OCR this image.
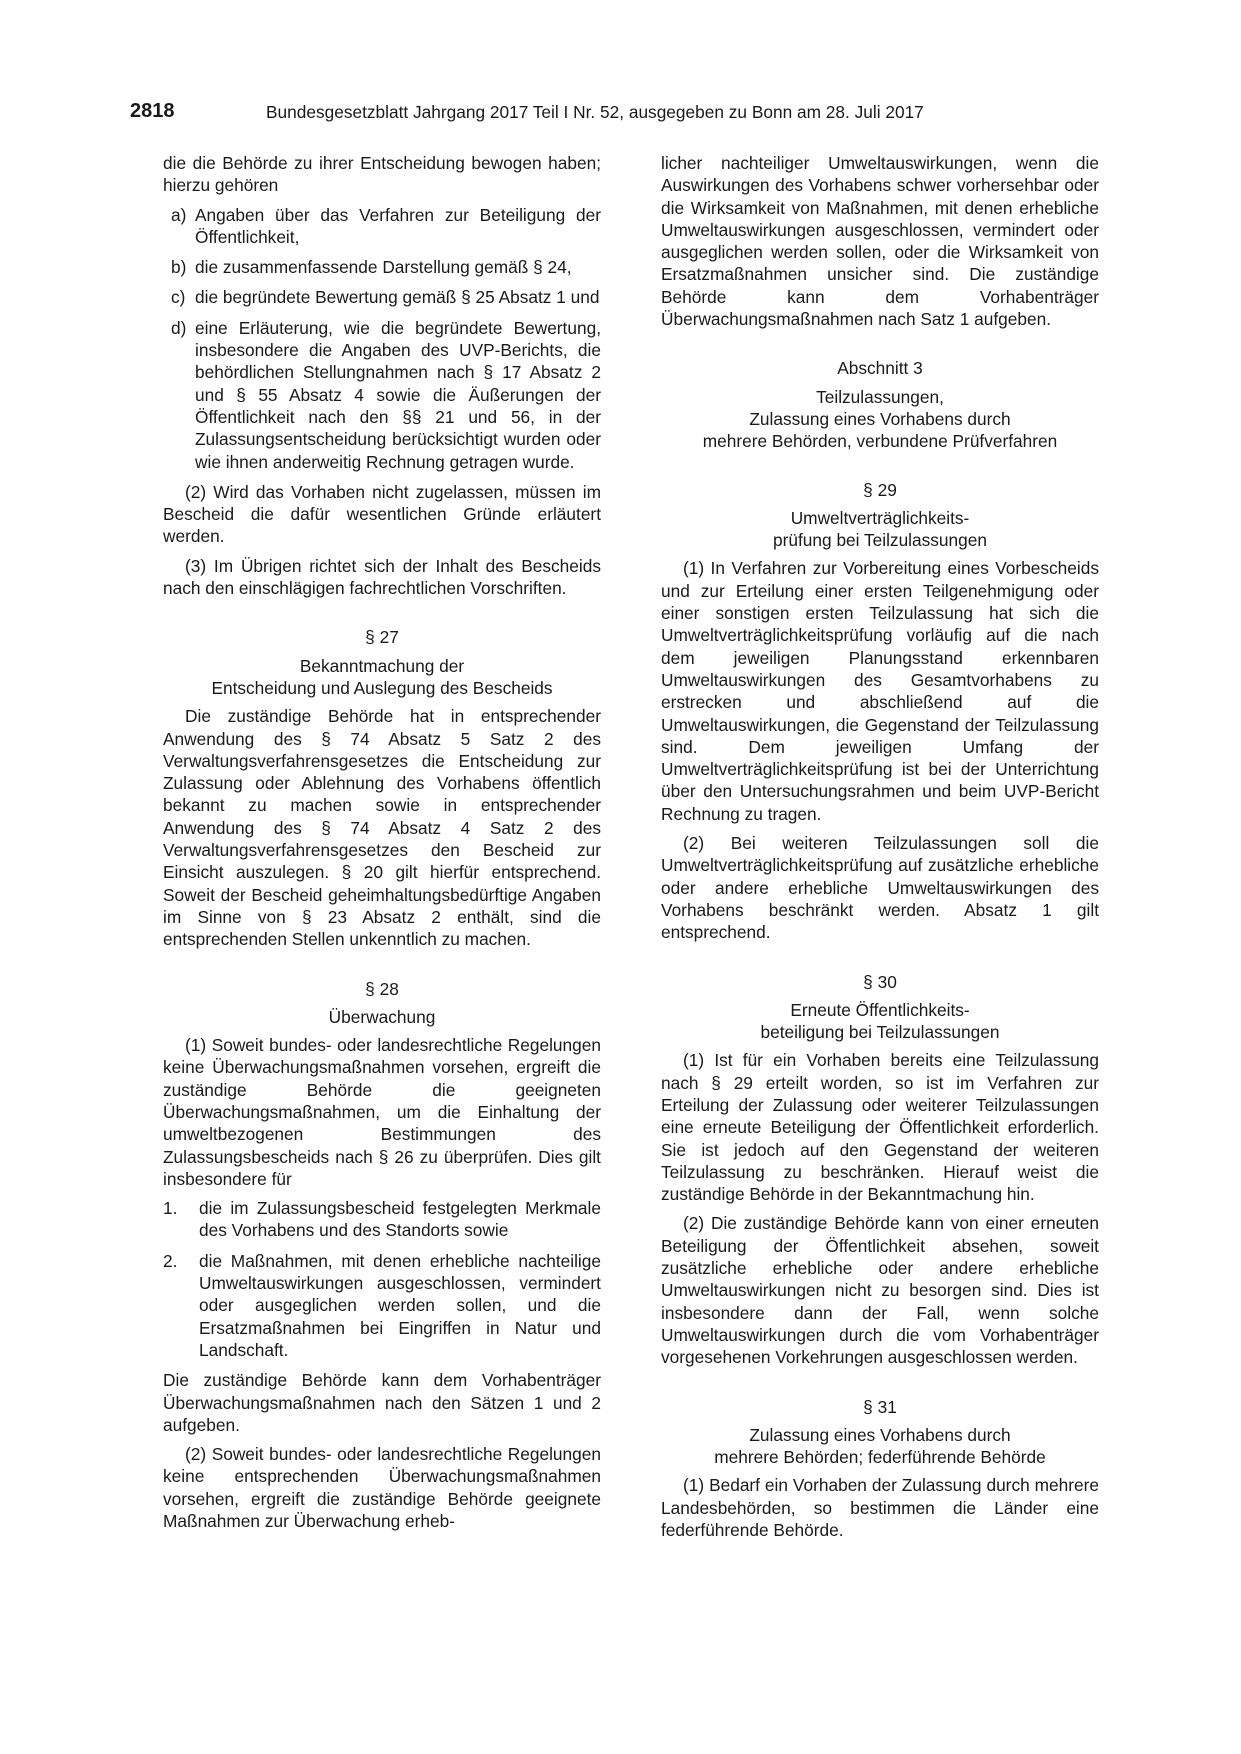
2818	Bundesgesetzblatt Jahrgang 2017 Teil I Nr. 52, ausgegeben zu Bonn am 28. Juli 2017

die die Behörde zu ihrer Entscheidung bewogen haben; hierzu gehören

a) Angaben über das Verfahren zur Beteiligung der Öffentlichkeit,
b) die zusammenfassende Darstellung gemäß § 24,
c) die begründete Bewertung gemäß § 25 Absatz 1 und
d) eine Erläuterung, wie die begründete Bewertung, insbesondere die Angaben des UVP-Berichts, die behördlichen Stellungnahmen nach § 17 Absatz 2 und § 55 Absatz 4 sowie die Äußerungen der Öffentlichkeit nach den §§ 21 und 56, in der Zulassungsentscheidung berücksichtigt wurden oder wie ihnen anderweitig Rechnung getragen wurde.

(2) Wird das Vorhaben nicht zugelassen, müssen im Bescheid die dafür wesentlichen Gründe erläutert werden.

(3) Im Übrigen richtet sich der Inhalt des Bescheids nach den einschlägigen fachrechtlichen Vorschriften.

§ 27
Bekanntmachung der
Entscheidung und Auslegung des Bescheids

Die zuständige Behörde hat in entsprechender Anwendung des § 74 Absatz 5 Satz 2 des Verwaltungsverfahrensgesetzes die Entscheidung zur Zulassung oder Ablehnung des Vorhabens öffentlich bekannt zu machen sowie in entsprechender Anwendung des § 74 Absatz 4 Satz 2 des Verwaltungsverfahrensgesetzes den Bescheid zur Einsicht auszulegen. § 20 gilt hierfür entsprechend. Soweit der Bescheid geheimhaltungsbedürftige Angaben im Sinne von § 23 Absatz 2 enthält, sind die entsprechenden Stellen unkenntlich zu machen.

§ 28
Überwachung

(1) Soweit bundes- oder landesrechtliche Regelungen keine Überwachungsmaßnahmen vorsehen, ergreift die zuständige Behörde die geeigneten Überwachungsmaßnahmen, um die Einhaltung der umweltbezogenen Bestimmungen des Zulassungsbescheids nach § 26 zu überprüfen. Dies gilt insbesondere für

1. die im Zulassungsbescheid festgelegten Merkmale des Vorhabens und des Standorts sowie
2. die Maßnahmen, mit denen erhebliche nachteilige Umweltauswirkungen ausgeschlossen, vermindert oder ausgeglichen werden sollen, und die Ersatzmaßnahmen bei Eingriffen in Natur und Landschaft.

Die zuständige Behörde kann dem Vorhabenträger Überwachungsmaßnahmen nach den Sätzen 1 und 2 aufgeben.

(2) Soweit bundes- oder landesrechtliche Regelungen keine entsprechenden Überwachungsmaßnahmen vorsehen, ergreift die zuständige Behörde geeignete Maßnahmen zur Überwachung erheb-

licher nachteiliger Umweltauswirkungen, wenn die Auswirkungen des Vorhabens schwer vorhersehbar oder die Wirksamkeit von Maßnahmen, mit denen erhebliche Umweltauswirkungen ausgeschlossen, vermindert oder ausgeglichen werden sollen, oder die Wirksamkeit von Ersatzmaßnahmen unsicher sind. Die zuständige Behörde kann dem Vorhabenträger Überwachungsmaßnahmen nach Satz 1 aufgeben.

Abschnitt 3
Teilzulassungen,
Zulassung eines Vorhabens durch
mehrere Behörden, verbundene Prüfverfahren
§ 29
Umweltverträglichkeits-
prüfung bei Teilzulassungen

(1) In Verfahren zur Vorbereitung eines Vorbescheids und zur Erteilung einer ersten Teilgenehmigung oder einer sonstigen ersten Teilzulassung hat sich die Umweltverträglichkeitsprüfung vorläufig auf die nach dem jeweiligen Planungsstand erkennbaren Umweltauswirkungen des Gesamtvorhabens zu erstrecken und abschließend auf die Umweltauswirkungen, die Gegenstand der Teilzulassung sind. Dem jeweiligen Umfang der Umweltverträglichkeitsprüfung ist bei der Unterrichtung über den Untersuchungsrahmen und beim UVP-Bericht Rechnung zu tragen.

(2) Bei weiteren Teilzulassungen soll die Umweltverträglichkeitsprüfung auf zusätzliche erhebliche oder andere erhebliche Umweltauswirkungen des Vorhabens beschränkt werden. Absatz 1 gilt entsprechend.

§ 30
Erneute Öffentlichkeits-
beteiligung bei Teilzulassungen

(1) Ist für ein Vorhaben bereits eine Teilzulassung nach § 29 erteilt worden, so ist im Verfahren zur Erteilung der Zulassung oder weiterer Teilzulassungen eine erneute Beteiligung der Öffentlichkeit erforderlich. Sie ist jedoch auf den Gegenstand der weiteren Teilzulassung zu beschränken. Hierauf weist die zuständige Behörde in der Bekanntmachung hin.

(2) Die zuständige Behörde kann von einer erneuten Beteiligung der Öffentlichkeit absehen, soweit zusätzliche erhebliche oder andere erhebliche Umweltauswirkungen nicht zu besorgen sind. Dies ist insbesondere dann der Fall, wenn solche Umweltauswirkungen durch die vom Vorhabenträger vorgesehenen Vorkehrungen ausgeschlossen werden.

§ 31
Zulassung eines Vorhabens durch
mehrere Behörden; federführende Behörde

(1) Bedarf ein Vorhaben der Zulassung durch mehrere Landesbehörden, so bestimmen die Länder eine federführende Behörde.
